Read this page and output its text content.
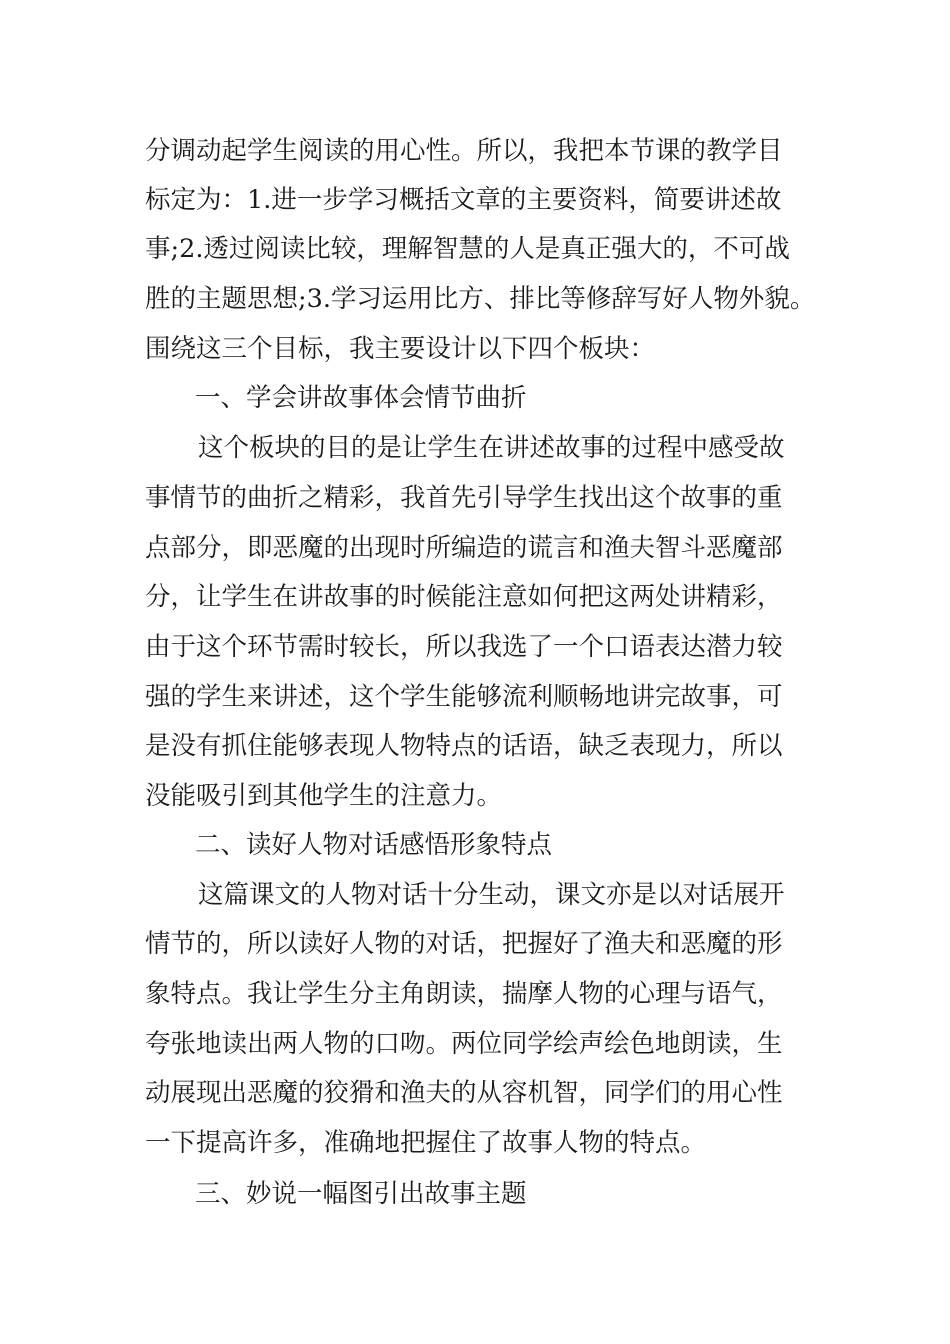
分调动起学生阅读的用心性。所以，我把本节课的教学目

标定为：1.进一步学习概括文章的主要资料，简要讲述故

事;2.透过阅读比较，理解智慧的人是真正强大的，不可战

胜的主题思想;3.学习运用比方、排比等修辞写好人物外貌。

围绕这三个目标，我主要设计以下四个板块：

一、学会讲故事体会情节曲折

这个板块的目的是让学生在讲述故事的过程中感受故

事情节的曲折之精彩，我首先引导学生找出这个故事的重

点部分，即恶魔的出现时所编造的谎言和渔夫智斗恶魔部

分，让学生在讲故事的时候能注意如何把这两处讲精彩，

由于这个环节需时较长，所以我选了一个口语表达潜力较

强的学生来讲述，这个学生能够流利顺畅地讲完故事，可

是没有抓住能够表现人物特点的话语，缺乏表现力，所以

没能吸引到其他学生的注意力。

二、读好人物对话感悟形象特点

这篇课文的人物对话十分生动，课文亦是以对话展开

情节的，所以读好人物的对话，把握好了渔夫和恶魔的形

象特点。我让学生分主角朗读，揣摩人物的心理与语气，

夸张地读出两人物的口吻。两位同学绘声绘色地朗读，生

动展现出恶魔的狡猾和渔夫的从容机智，同学们的用心性

一下提高许多，准确地把握住了故事人物的特点。

三、妙说一幅图引出故事主题
